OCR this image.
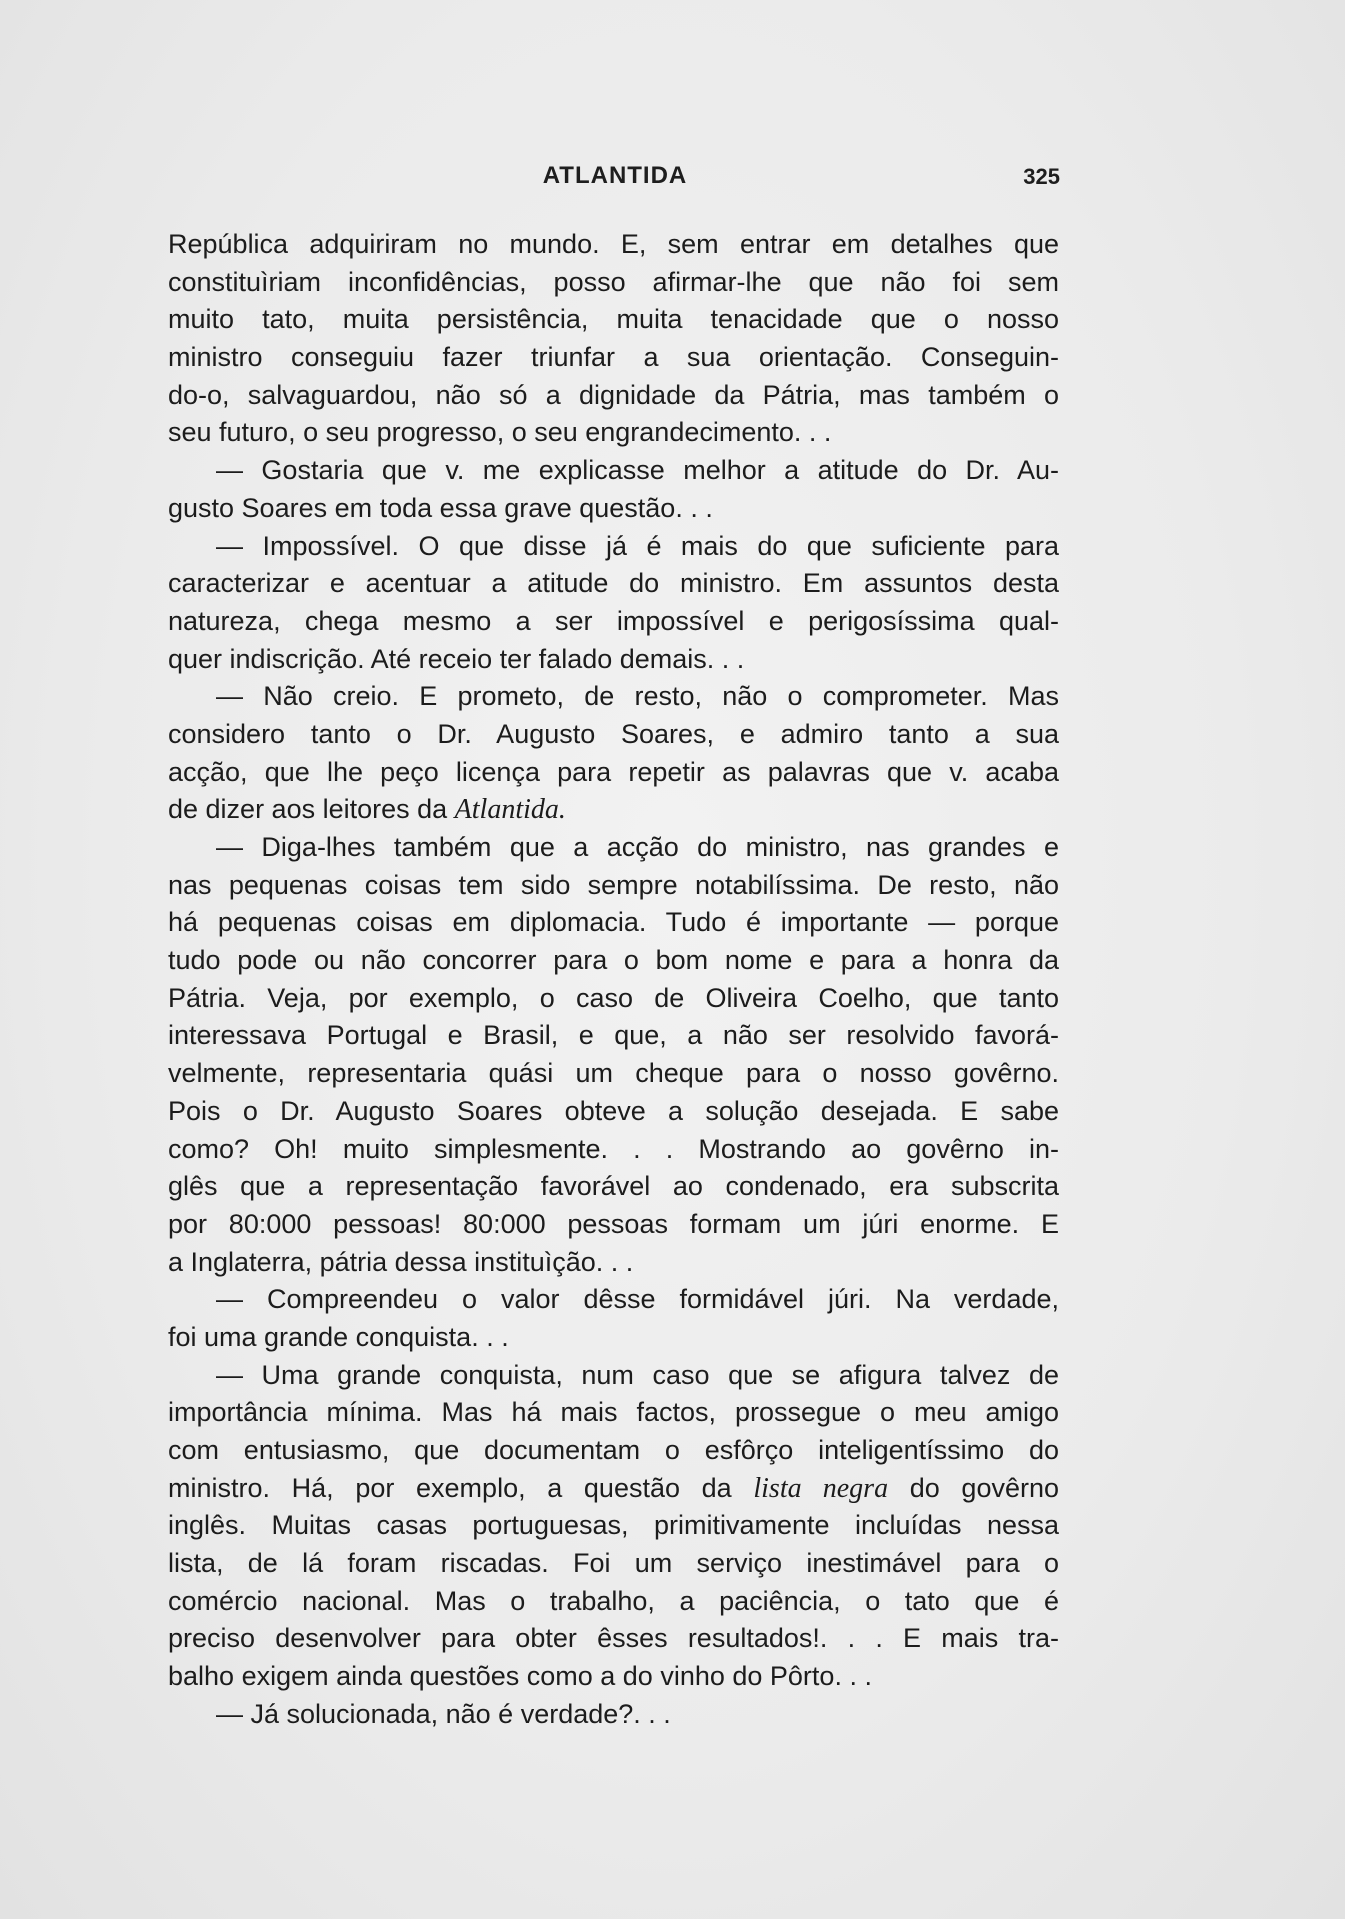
ATLANTIDA	325
República adquiriram no mundo. E, sem entrar em detalhes que
constituìriam inconfidências, posso afirmar-lhe que não foi sem
muito tato, muita persistência, muita tenacidade que o nosso
ministro conseguiu fazer triunfar a sua orientação. Conseguin-
do-o, salvaguardou, não só a dignidade da Pátria, mas também o
seu futuro, o seu progresso, o seu engrandecimento. . .
— Gostaria que v. me explicasse melhor a atitude do Dr. Au-
gusto Soares em toda essa grave questão. . .
— Impossível. O que disse já é mais do que suficiente para
caracterizar e acentuar a atitude do ministro. Em assuntos desta
natureza, chega mesmo a ser impossível e perigosíssima qual-
quer indiscrição. Até receio ter falado demais. . .
— Não creio. E prometo, de resto, não o comprometer. Mas
considero tanto o Dr. Augusto Soares, e admiro tanto a sua
acção, que lhe peço licença para repetir as palavras que v. acaba
de dizer aos leitores da Atlantida.
— Diga-lhes também que a acção do ministro, nas grandes e
nas pequenas coisas tem sido sempre notabilíssima. De resto, não
há pequenas coisas em diplomacia. Tudo é importante — porque
tudo pode ou não concorrer para o bom nome e para a honra da
Pátria. Veja, por exemplo, o caso de Oliveira Coelho, que tanto
interessava Portugal e Brasil, e que, a não ser resolvido favorá-
velmente, representaria quási um cheque para o nosso govêrno.
Pois o Dr. Augusto Soares obteve a solução desejada. E sabe
como? Oh! muito simplesmente. . . Mostrando ao govêrno in-
glês que a representação favorável ao condenado, era subscrita
por 80:000 pessoas! 80:000 pessoas formam um júri enorme. E
a Inglaterra, pátria dessa instituìção. . .
— Compreendeu o valor dêsse formidável júri. Na verdade,
foi uma grande conquista. . .
— Uma grande conquista, num caso que se afigura talvez de
importância mínima. Mas há mais factos, prossegue o meu amigo
com entusiasmo, que documentam o esfôrço inteligentíssimo do
ministro. Há, por exemplo, a questão da lista negra do govêrno
inglês. Muitas casas portuguesas, primitivamente incluídas nessa
lista, de lá foram riscadas. Foi um serviço inestimável para o
comércio nacional. Mas o trabalho, a paciência, o tato que é
preciso desenvolver para obter êsses resultados!. . . E mais tra-
balho exigem ainda questões como a do vinho do Pôrto. . .
— Já solucionada, não é verdade?. . .
